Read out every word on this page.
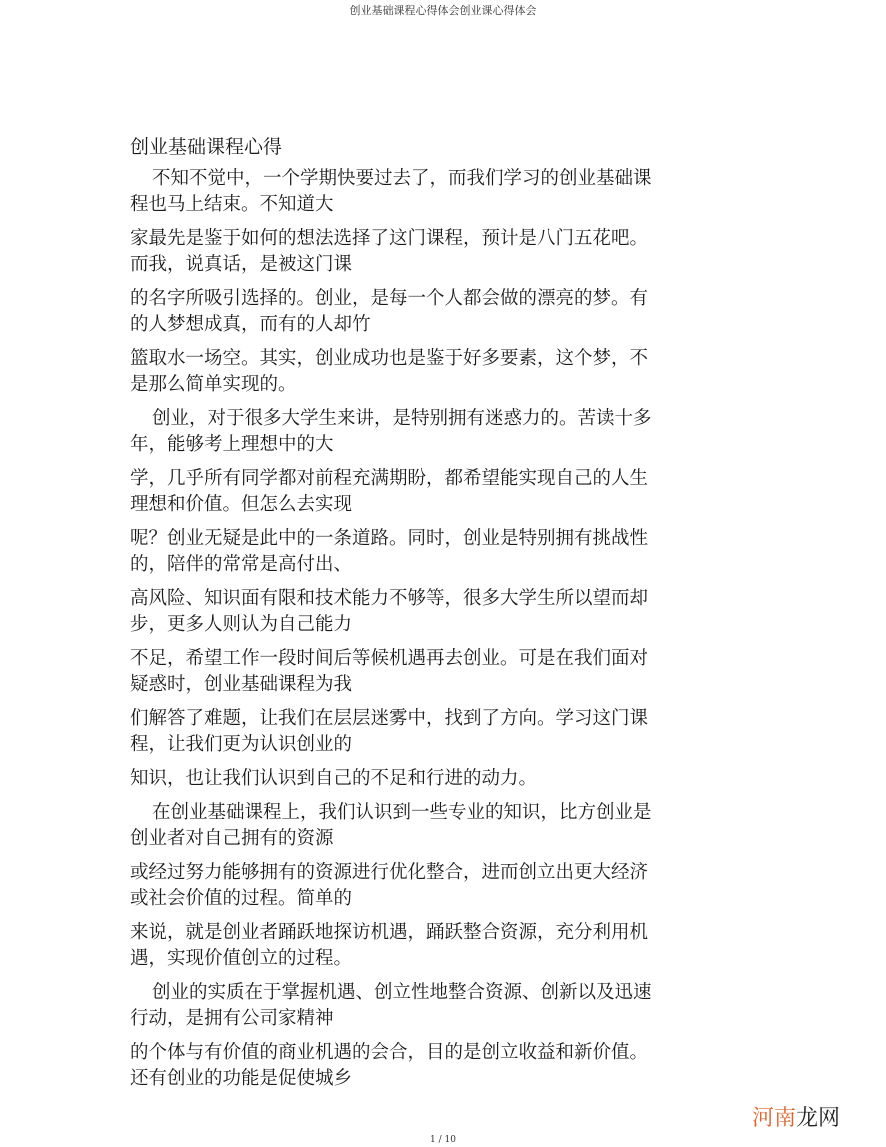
创业基础课程心得体会创业课心得体会
创业基础课程心得
不知不觉中，一个学期快要过去了，而我们学习的创业基础课
程也马上结束。不知道大
家最先是鉴于如何的想法选择了这门课程，预计是八门五花吧。
而我，说真话，是被这门课
的名字所吸引选择的。创业，是每一个人都会做的漂亮的梦。有
的人梦想成真，而有的人却竹
篮取水一场空。其实，创业成功也是鉴于好多要素，这个梦，不
是那么简单实现的。
创业，对于很多大学生来讲，是特别拥有迷惑力的。苦读十多
年，能够考上理想中的大
学，几乎所有同学都对前程充满期盼，都希望能实现自己的人生
理想和价值。但怎么去实现
呢？创业无疑是此中的一条道路。同时，创业是特别拥有挑战性
的，陪伴的常常是高付出、
高风险、知识面有限和技术能力不够等，很多大学生所以望而却
步，更多人则认为自己能力
不足，希望工作一段时间后等候机遇再去创业。可是在我们面对
疑惑时，创业基础课程为我
们解答了难题，让我们在层层迷雾中，找到了方向。学习这门课
程，让我们更为认识创业的
知识，也让我们认识到自己的不足和行进的动力。
在创业基础课程上，我们认识到一些专业的知识，比方创业是
创业者对自己拥有的资源
或经过努力能够拥有的资源进行优化整合，进而创立出更大经济
或社会价值的过程。简单的
来说，就是创业者踊跃地探访机遇，踊跃整合资源，充分利用机
遇，实现价值创立的过程。
创业的实质在于掌握机遇、创立性地整合资源、创新以及迅速
行动，是拥有公司家精神
的个体与有价值的商业机遇的会合，目的是创立收益和新价值。
还有创业的功能是促使城乡
1 / 10
河南龙网
